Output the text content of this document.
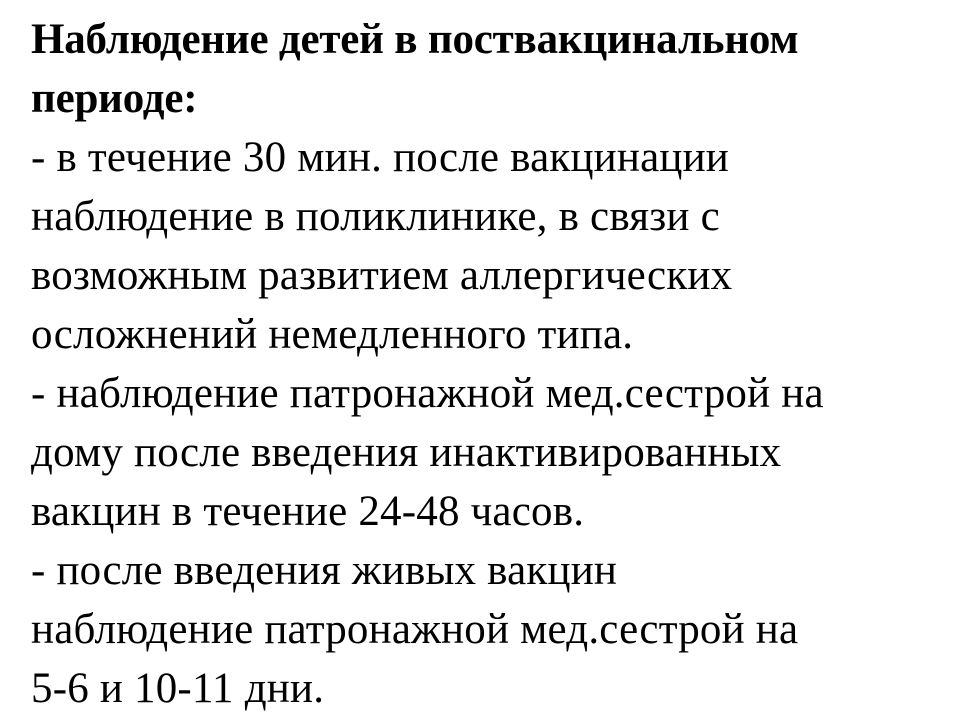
Наблюдение детей в поствакцинальном
периоде:
- в течение 30 мин. после вакцинации
наблюдение в поликлинике, в связи с
возможным развитием аллергических
осложнений немедленного типа.
- наблюдение патронажной мед.сестрой на
дому после введения инактивированных
вакцин в течение 24-48 часов.
- после введения живых вакцин
наблюдение патронажной мед.сестрой на
5-6 и 10-11 дни.
